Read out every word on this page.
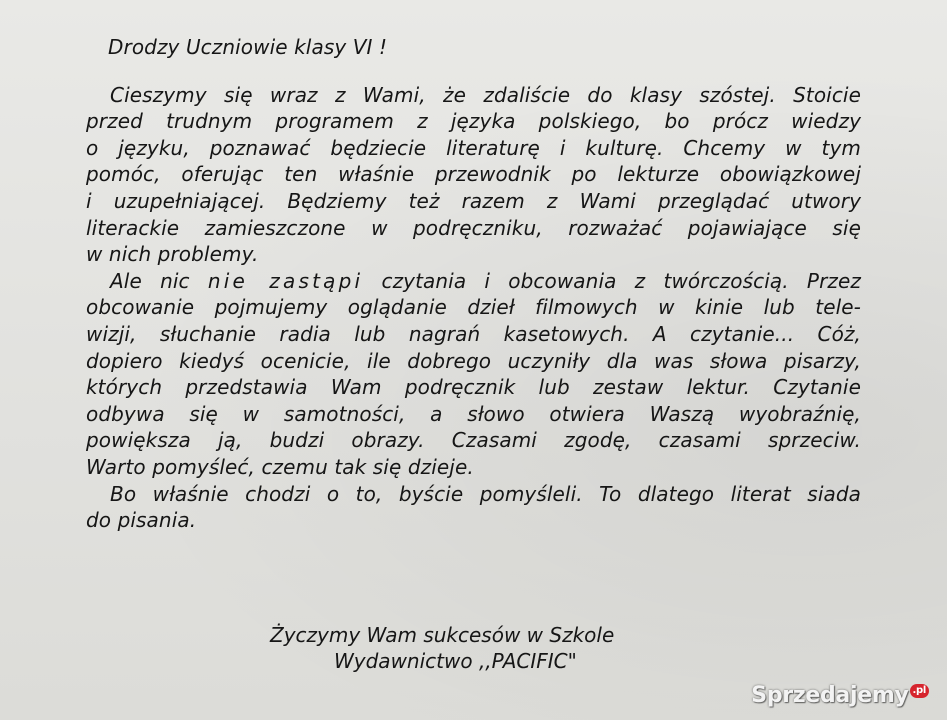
Drodzy Uczniowie klasy VI !

Cieszymy się wraz z Wami, że zdaliście do klasy szóstej. Stoicie
przed trudnym programem z języka polskiego, bo prócz wiedzy
o języku, poznawać będziecie literaturę i kulturę. Chcemy w tym
pomóc, oferując ten właśnie przewodnik po lekturze obowiązkowej
i uzupełniającej. Będziemy też razem z Wami przeglądać utwory
literackie zamieszczone w podręczniku, rozważać pojawiające się
w nich problemy.

Ale nic nie zastąpi czytania i obcowania z twórczością. Przez
obcowanie pojmujemy oglądanie dzieł filmowych w kinie lub tele-
wizji, słuchanie radia lub nagrań kasetowych. A czytanie... Cóż,
dopiero kiedyś ocenicie, ile dobrego uczyniły dla was słowa pisarzy,
których przedstawia Wam podręcznik lub zestaw lektur. Czytanie
odbywa się w samotności, a słowo otwiera Waszą wyobraźnię,
powiększa ją, budzi obrazy. Czasami zgodę, czasami sprzeciw.
Warto pomyśleć, czemu tak się dzieje.

Bo właśnie chodzi o to, byście pomyśleli. To dlatego literat siada
do pisania.

Życzymy Wam sukcesów w Szkole
Wydawnictwo ,,PACIFIC"
Sprzedajemy .pl
